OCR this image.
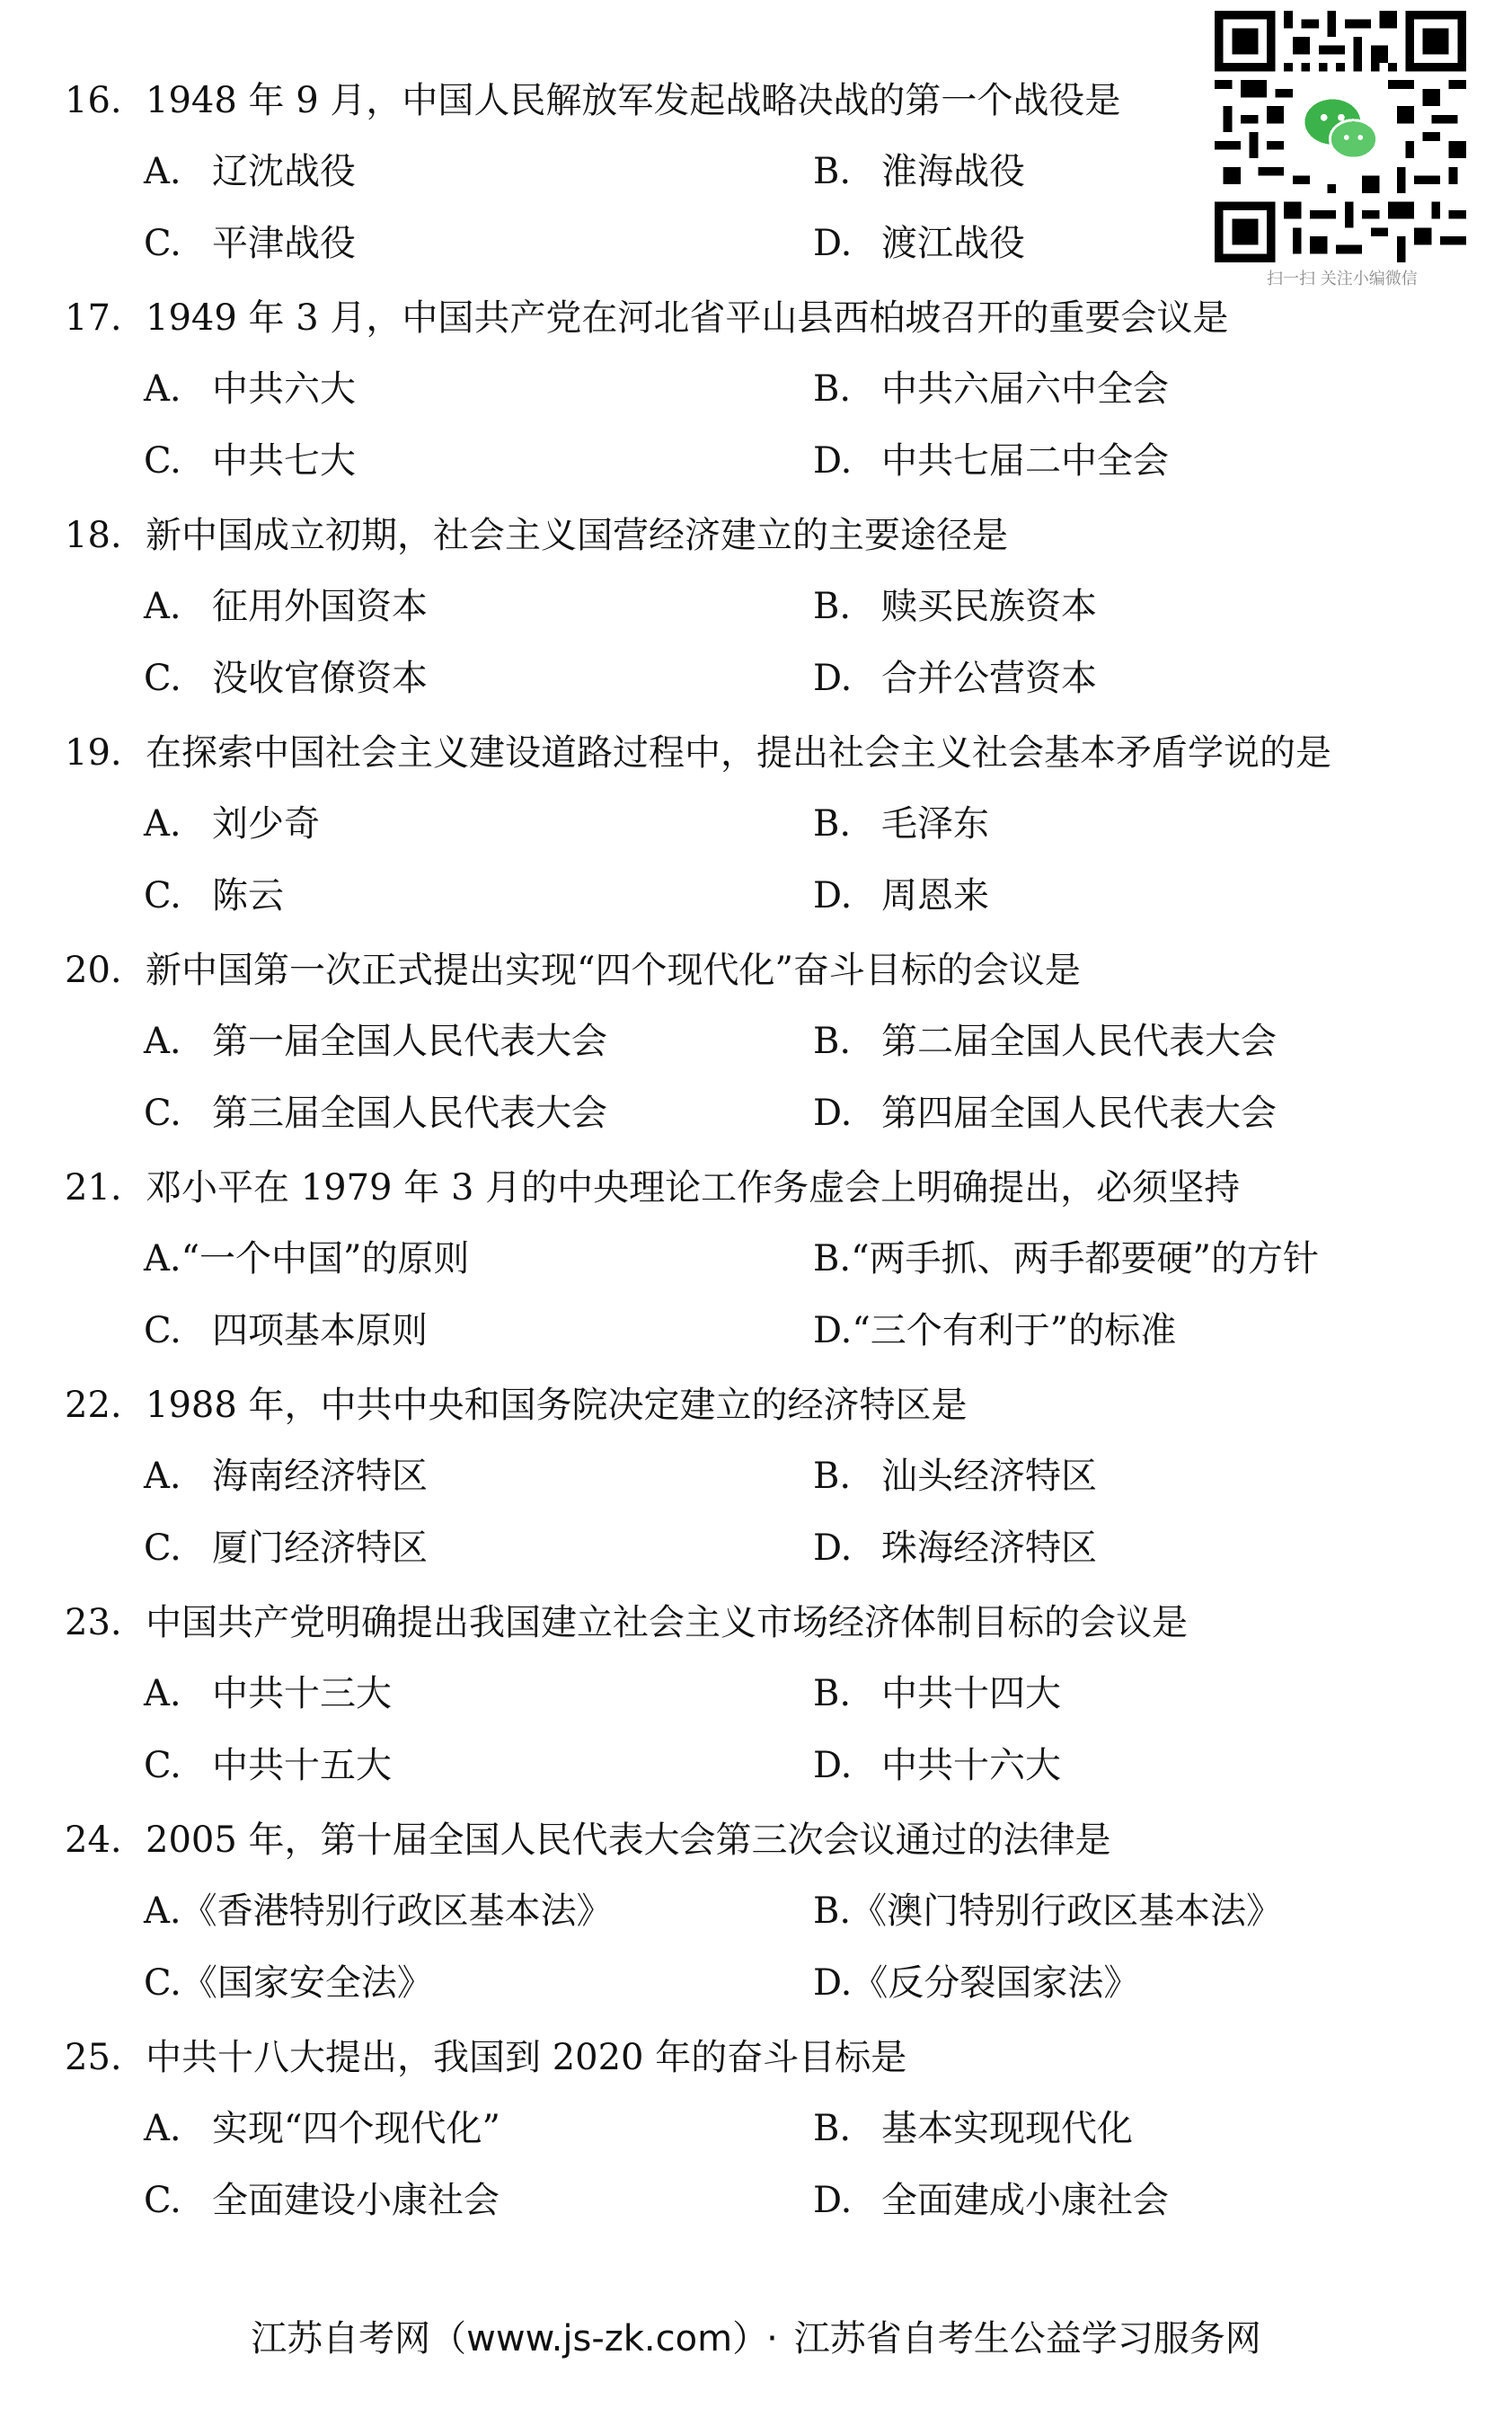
扫一扫 关注小编微信
16. 1948 年 9 月，中国人民解放军发起战略决战的第一个战役是
A. 辽沈战役	B. 淮海战役
C. 平津战役	D. 渡江战役
17. 1949 年 3 月，中国共产党在河北省平山县西柏坡召开的重要会议是
A. 中共六大	B. 中共六届六中全会
C. 中共七大	D. 中共七届二中全会
18. 新中国成立初期，社会主义国营经济建立的主要途径是
A. 征用外国资本	B. 赎买民族资本
C. 没收官僚资本	D. 合并公营资本
19. 在探索中国社会主义建设道路过程中，提出社会主义社会基本矛盾学说的是
A. 刘少奇	B. 毛泽东
C. 陈云	D. 周恩来
20. 新中国第一次正式提出实现“四个现代化”奋斗目标的会议是
A. 第一届全国人民代表大会	B. 第二届全国人民代表大会
C. 第三届全国人民代表大会	D. 第四届全国人民代表大会
21. 邓小平在 1979 年 3 月的中央理论工作务虚会上明确提出，必须坚持
A.“一个中国”的原则	B.“两手抓、两手都要硬”的方针
C. 四项基本原则	D.“三个有利于”的标准
22. 1988 年，中共中央和国务院决定建立的经济特区是
A. 海南经济特区	B. 汕头经济特区
C. 厦门经济特区	D. 珠海经济特区
23. 中国共产党明确提出我国建立社会主义市场经济体制目标的会议是
A. 中共十三大	B. 中共十四大
C. 中共十五大	D. 中共十六大
24. 2005 年，第十届全国人民代表大会第三次会议通过的法律是
A.《香港特别行政区基本法》	B.《澳门特别行政区基本法》
C.《国家安全法》	D.《反分裂国家法》
25. 中共十八大提出，我国到 2020 年的奋斗目标是
A. 实现“四个现代化”	B. 基本实现现代化
C. 全面建设小康社会	D. 全面建成小康社会
江苏自考网（www.js-zk.com） · 江苏省自考生公益学习服务网
